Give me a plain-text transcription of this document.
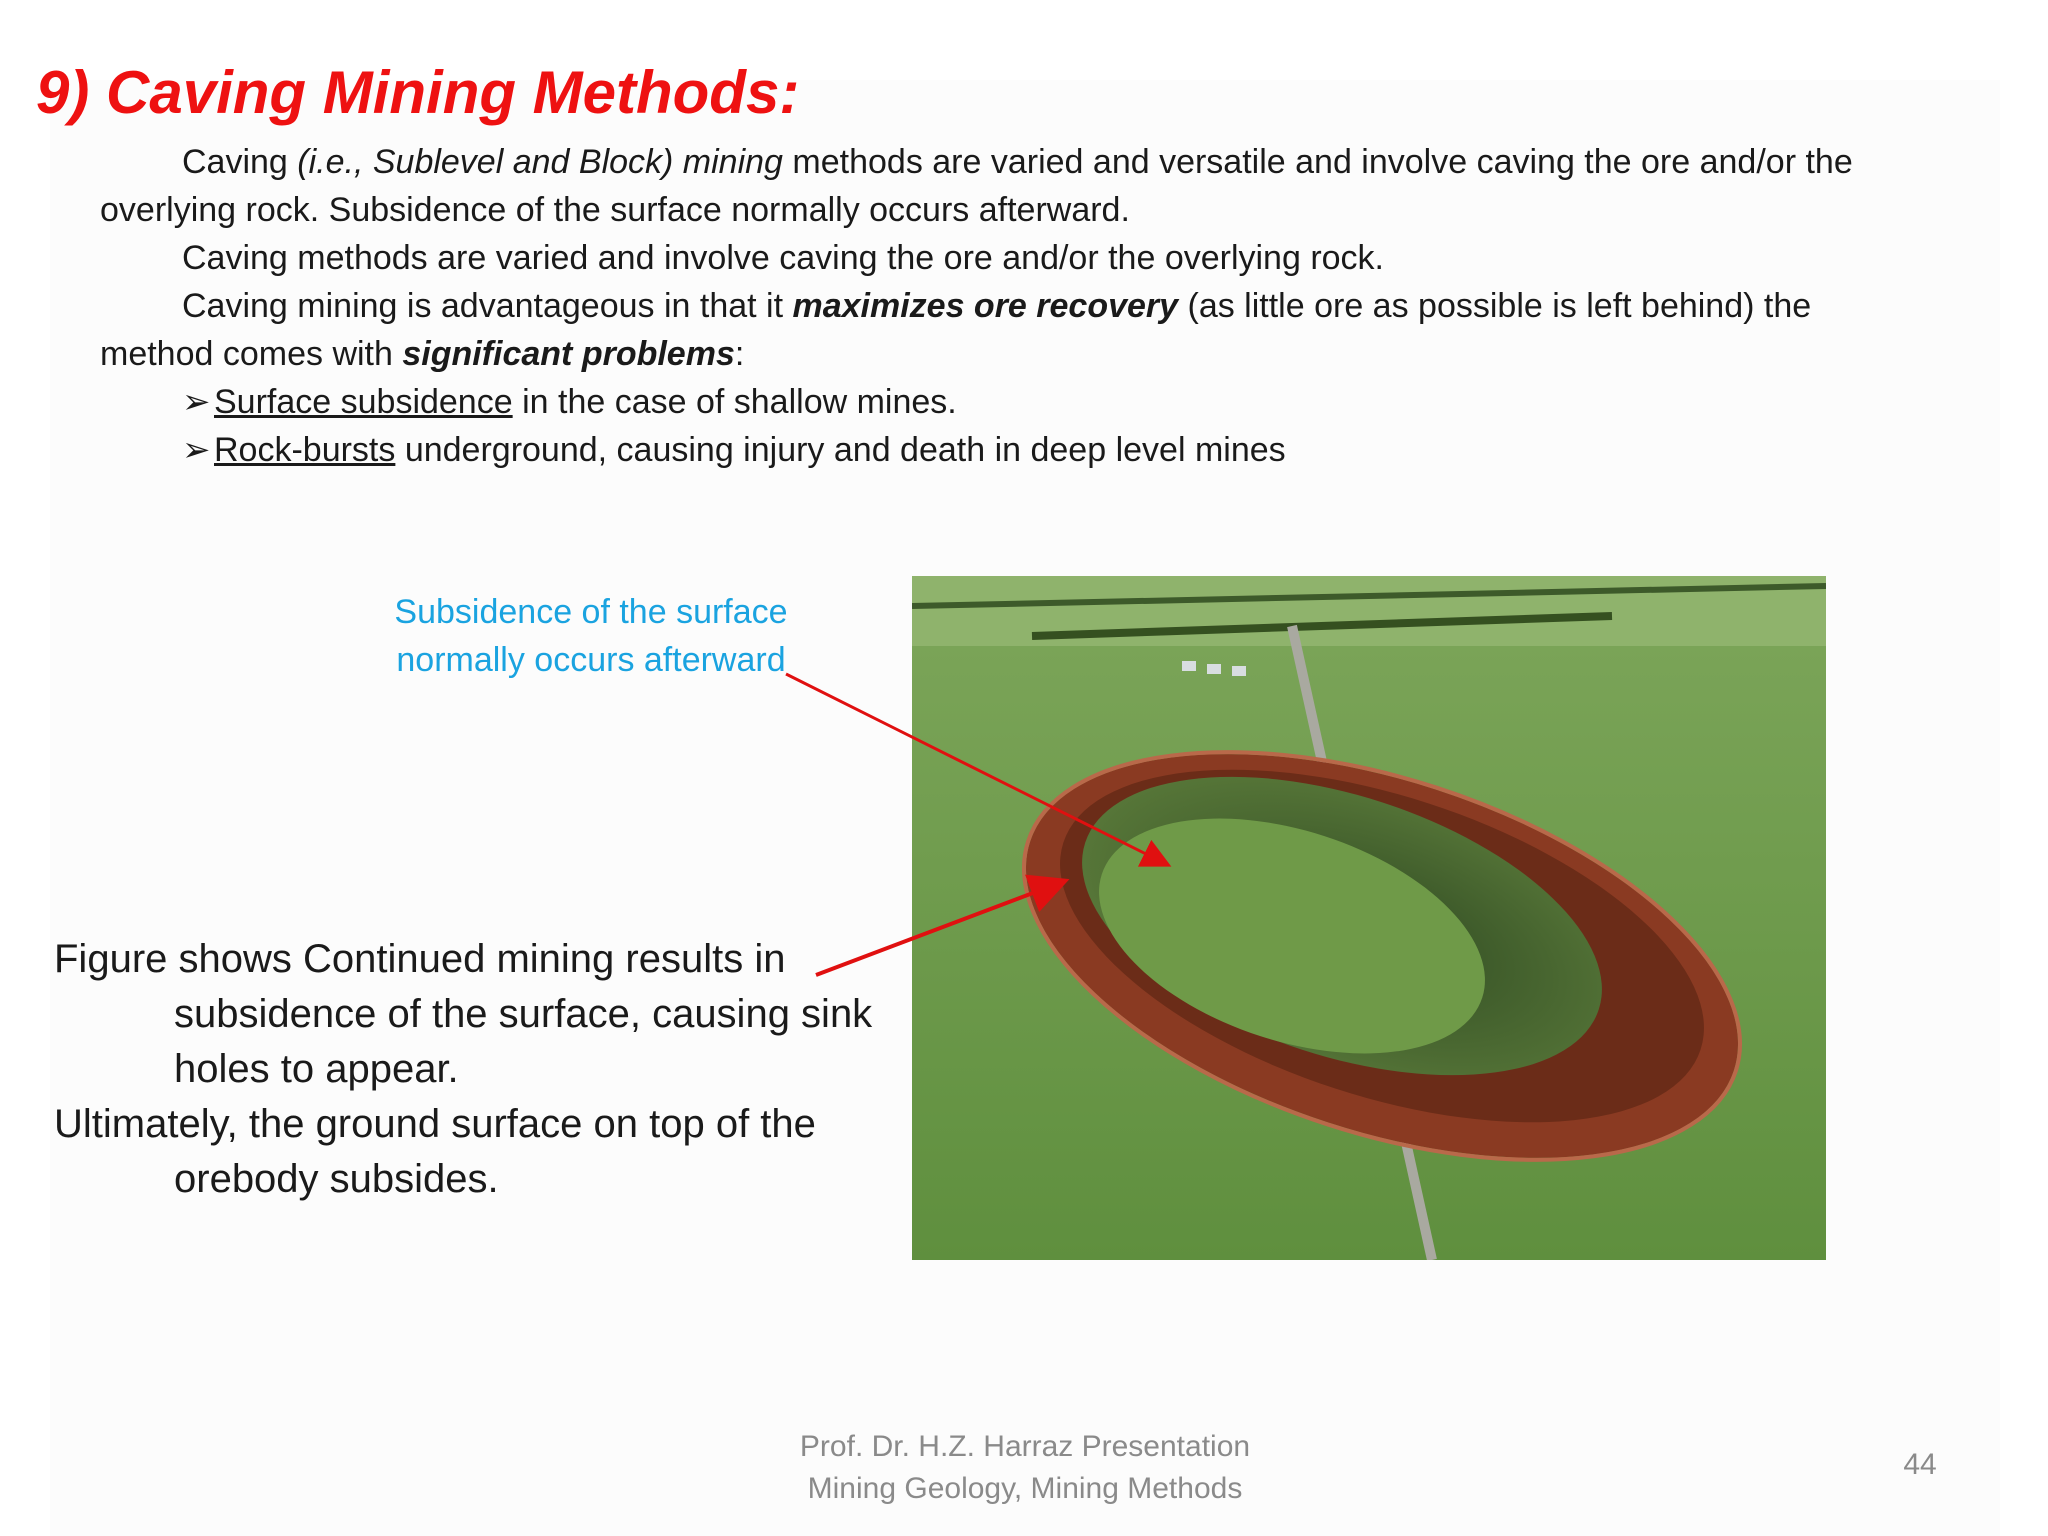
9) Caving Mining Methods:

Caving (i.e., Sublevel and Block) mining methods are varied and versatile and involve caving the ore and/or the overlying rock. Subsidence of the surface normally occurs afterward.

Caving methods are varied and involve caving the ore and/or the overlying rock.

Caving mining is advantageous in that it maximizes ore recovery (as little ore as possible is left behind) the method comes with significant problems:

➢ Surface subsidence in the case of shallow mines.

➢ Rock-bursts underground, causing injury and death in deep level mines

Subsidence of the surface
normally occurs afterward

Figure shows Continued mining results in subsidence of the surface, causing sink holes to appear.

Ultimately, the ground surface on top of the orebody subsides.

Prof. Dr. H.Z. Harraz Presentation
Mining Geology, Mining Methods
44
